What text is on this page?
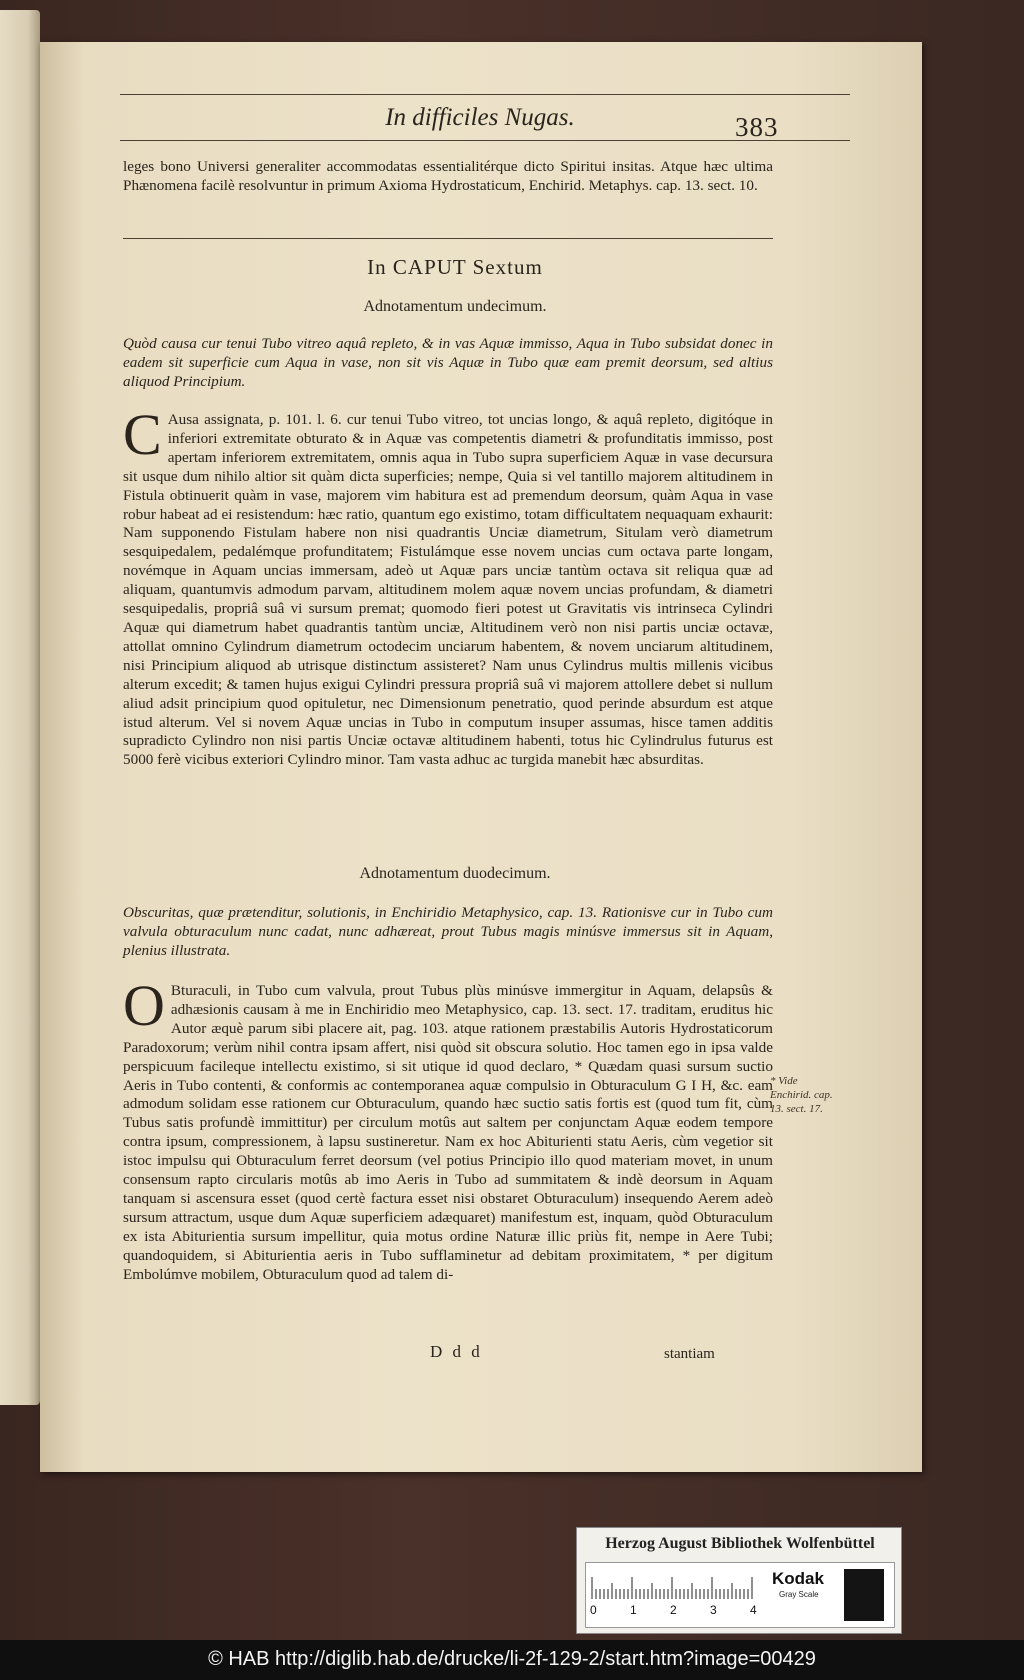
In difficiles Nugas.	383

leges bono Universi generaliter accommodatas essentialitérque dicto Spiritui insitas. Atque hæc ultima Phænomena facilè resolvuntur in primum Axioma Hydrostaticum, Enchirid. Metaphys. cap. 13. sect. 10.

In CAPUT Sextum
Adnotamentum undecimum.

Quòd causa cur tenui Tubo vitreo aquâ repleto, & in vas Aquæ immisso, Aqua in Tubo subsidat donec in eadem sit superficie cum Aqua in vase, non sit vis Aquæ in Tubo quæ eam premit deorsum, sed altius aliquod Principium.

C Ausa assignata, p. 101. l. 6. cur tenui Tubo vitreo, tot uncias longo, & aquâ repleto, digitóque in inferiori extremitate obturato & in Aquæ vas competentis diametri & profunditatis immisso, post apertam inferiorem extremitatem, omnis aqua in Tubo supra superficiem Aquæ in vase decursura sit usque dum nihilo altior sit quàm dicta superficies; nempe, Quia si vel tantillo majorem altitudinem in Fistula obtinuerit quàm in vase, majorem vim habitura est ad premendum deorsum, quàm Aqua in vase robur habeat ad ei resistendum: hæc ratio, quantum ego existimo, totam difficultatem nequaquam exhaurit: Nam supponendo Fistulam habere non nisi quadrantis Unciæ diametrum, Situlam verò diametrum sesquipedalem, pedalémque profunditatem; Fistulámque esse novem uncias cum octava parte longam, novémque in Aquam uncias immersam, adeò ut Aquæ pars unciæ tantùm octava sit reliqua quæ ad aliquam, quantumvis admodum parvam, altitudinem molem aquæ novem uncias profundam, & diametri sesquipedalis, propriâ suâ vi sursum premat; quomodo fieri potest ut Gravitatis vis intrinseca Cylindri Aquæ qui diametrum habet quadrantis tantùm unciæ, Altitudinem verò non nisi partis unciæ octavæ, attollat omnino Cylindrum diametrum octodecim unciarum habentem, & novem unciarum altitudinem, nisi Principium aliquod ab utrisque distinctum assisteret? Nam unus Cylindrus multis millenis vicibus alterum excedit; & tamen hujus exigui Cylindri pressura propriâ suâ vi majorem attollere debet si nullum aliud adsit principium quod opituletur, nec Dimensionum penetratio, quod perinde absurdum est atque istud alterum. Vel si novem Aquæ uncias in Tubo in computum insuper assumas, hisce tamen additis supradicto Cylindro non nisi partis Unciæ octavæ altitudinem habenti, totus hic Cylindrulus futurus est 5000 ferè vicibus exteriori Cylindro minor. Tam vasta adhuc ac turgida manebit hæc absurditas.

Adnotamentum duodecimum.

Obscuritas, quæ prætenditur, solutionis, in Enchiridio Metaphysico, cap. 13. Rationisve cur in Tubo cum valvula obturaculum nunc cadat, nunc adhæreat, prout Tubus magis minúsve immersus sit in Aquam, plenius illustrata.

O Bturaculi, in Tubo cum valvula, prout Tubus plùs minúsve immergitur in Aquam, delapsûs & adhæsionis causam à me in Enchiridio meo Metaphysico, cap. 13. sect. 17. traditam, eruditus hic Autor æquè parum sibi placere ait, pag. 103. atque rationem præstabilis Autoris Hydrostaticorum Paradoxorum; verùm nihil contra ipsam affert, nisi quòd sit obscura solutio. Hoc tamen ego in ipsa valde perspicuum facileque intellectu existimo, si sit utique id quod declaro, * Quædam quasi sursum suctio Aeris in Tubo contenti, & conformis ac contemporanea aquæ compulsio in Obturaculum G I H, &c. eam admodum solidam esse rationem cur Obturaculum, quando hæc suctio satis fortis est (quod tum fit, cùm Tubus satis profundè immittitur) per circulum motûs aut saltem per conjunctam Aquæ eodem tempore contra ipsum, compressionem, à lapsu sustineretur. Nam ex hoc Abiturienti statu Aeris, cùm vegetior sit istoc impulsu qui Obturaculum ferret deorsum (vel potius Principio illo quod materiam movet, in unum consensum rapto circularis motûs ab imo Aeris in Tubo ad summitatem & indè deorsum in Aquam tanquam si ascensura esset (quod certè factura esset nisi obstaret Obturaculum) insequendo Aerem adeò sursum attractum, usque dum Aquæ superficiem adæquaret) manifestum est, inquam, quòd Obturaculum ex ista Abiturientia sursum impellitur, quia motus ordine Naturæ illic priùs fit, nempe in Aere Tubi; quandoquidem, si Abiturientia aeris in Tubo sufflaminetur ad debitam proximitatem, * per digitum Embolúmve mobilem, Obturaculum quod ad talem di-

* Vide Enchirid. cap. 13. sect. 17.
D d d	stantiam
Herzog August Bibliothek Wolfenbüttel
0	1	2	3	4
Kodak
Gray Scale
© HAB http://diglib.hab.de/drucke/li-2f-129-2/start.htm?image=00429
